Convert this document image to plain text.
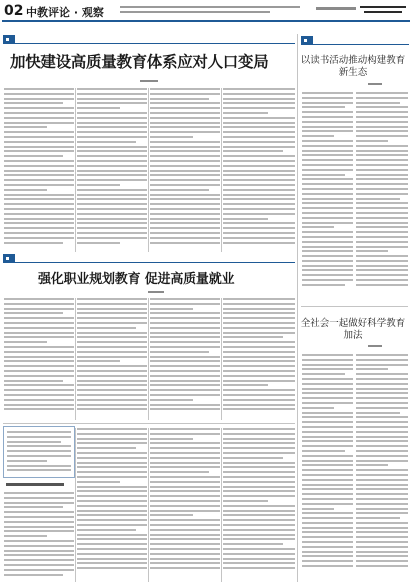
02 中教评论 · 观察
加快建设高质量教育体系应对人口变局
强化职业规划教育 促进高质量就业
以读书活动推动构建教育新生态
全社会一起做好科学教育加法
